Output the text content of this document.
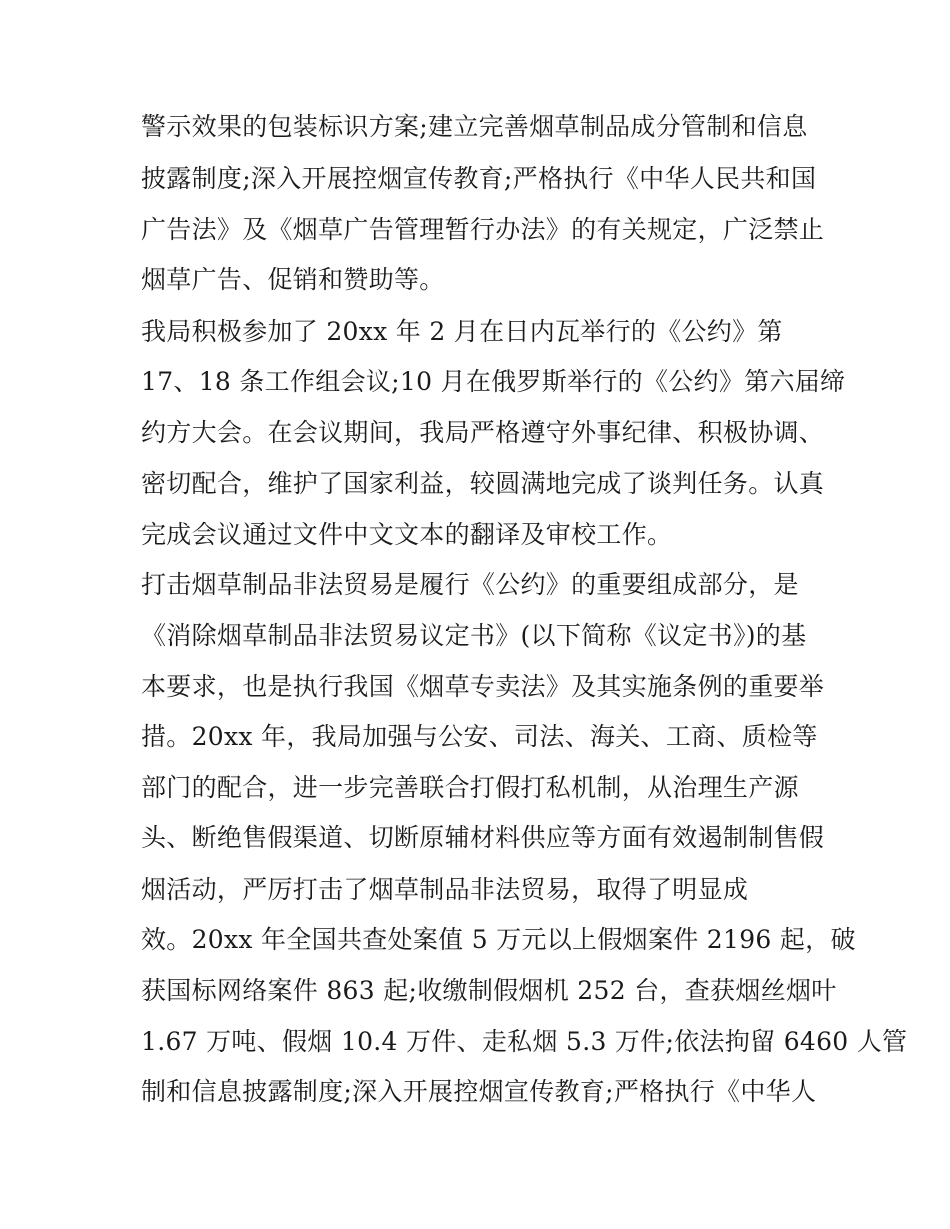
警示效果的包装标识方案;建立完善烟草制品成分管制和信息
披露制度;深入开展控烟宣传教育;严格执行《中华人民共和国
广告法》及《烟草广告管理暂行办法》的有关规定，广泛禁止
烟草广告、促销和赞助等。
我局积极参加了 20xx 年 2 月在日内瓦举行的《公约》第
17、18 条工作组会议;10 月在俄罗斯举行的《公约》第六届缔
约方大会。在会议期间，我局严格遵守外事纪律、积极协调、
密切配合，维护了国家利益，较圆满地完成了谈判任务。认真
完成会议通过文件中文文本的翻译及审校工作。
打击烟草制品非法贸易是履行《公约》的重要组成部分，是
《消除烟草制品非法贸易议定书》(以下简称《议定书》)的基
本要求，也是执行我国《烟草专卖法》及其实施条例的重要举
措。20xx 年，我局加强与公安、司法、海关、工商、质检等
部门的配合，进一步完善联合打假打私机制，从治理生产源
头、断绝售假渠道、切断原辅材料供应等方面有效遏制制售假
烟活动，严厉打击了烟草制品非法贸易，取得了明显成
效。20xx 年全国共查处案值 5 万元以上假烟案件 2196 起，破
获国标网络案件 863 起;收缴制假烟机 252 台，查获烟丝烟叶
1.67 万吨、假烟 10.4 万件、走私烟 5.3 万件;依法拘留 6460 人管
制和信息披露制度;深入开展控烟宣传教育;严格执行《中华人
